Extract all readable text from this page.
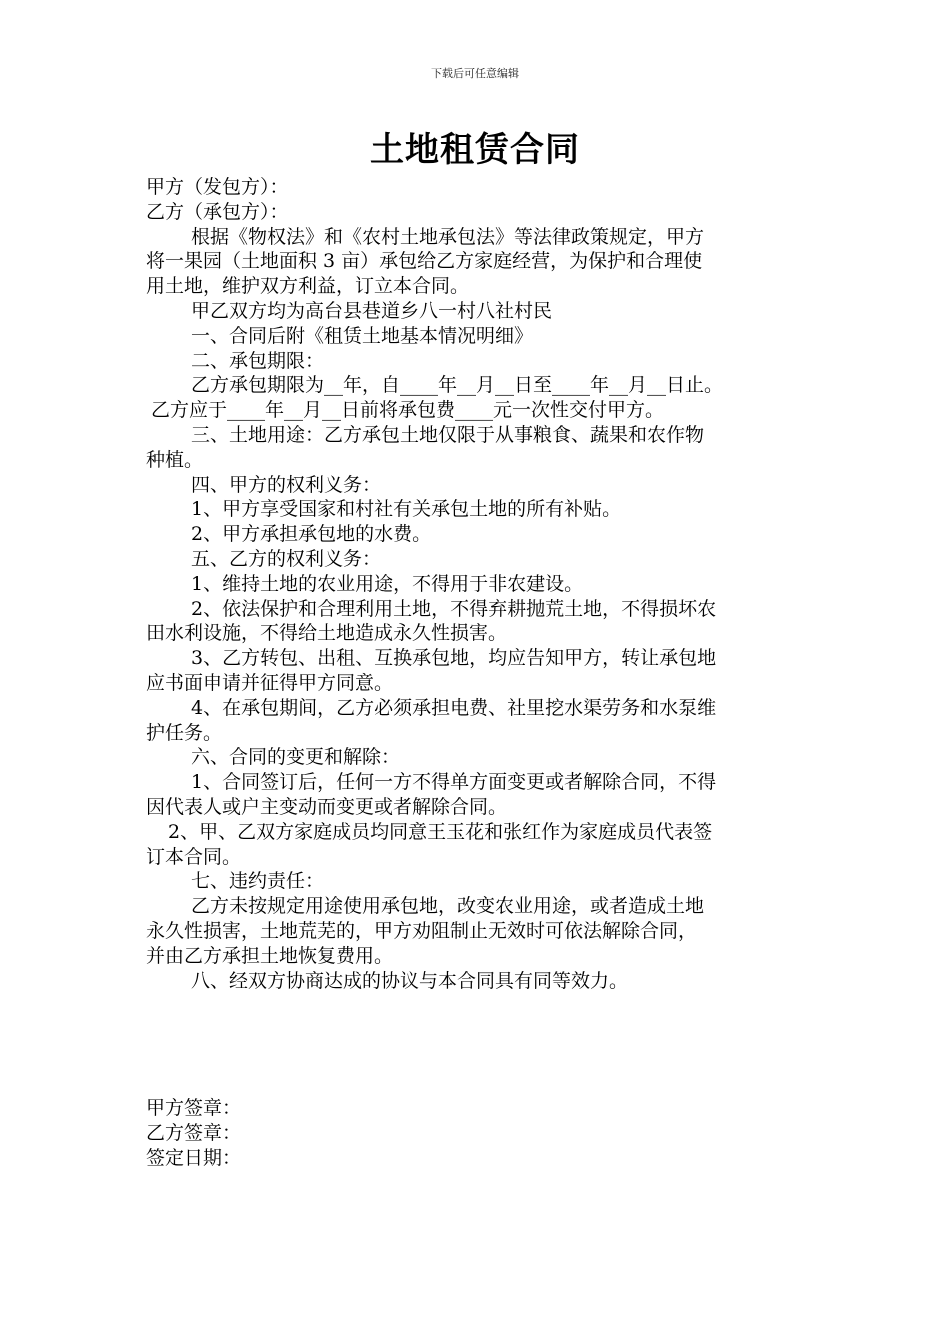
下载后可任意编辑
土地租赁合同

甲方（发包方）：

乙方（承包方）：

根据《物权法》和《农村土地承包法》等法律政策规定，甲方

将一果园（土地面积 3 亩）承包给乙方家庭经营，为保护和合理使

用土地，维护双方利益，订立本合同。

甲乙双方均为高台县巷道乡八一村八社村民

一、合同后附《租赁土地基本情况明细》

二、承包期限：

乙方承包期限为__年，自____年__月__日至____年__月__日止。

乙方应于____年__月__日前将承包费____元一次性交付甲方。

三、土地用途：乙方承包土地仅限于从事粮食、蔬果和农作物

种植。

四、甲方的权利义务：

1、甲方享受国家和村社有关承包土地的所有补贴。

2、甲方承担承包地的水费。

五、乙方的权利义务：

1、维持土地的农业用途，不得用于非农建设。

2、依法保护和合理利用土地，不得弃耕抛荒土地，不得损坏农

田水利设施，不得给土地造成永久性损害。

3、乙方转包、出租、互换承包地，均应告知甲方，转让承包地

应书面申请并征得甲方同意。

4、在承包期间，乙方必须承担电费、社里挖水渠劳务和水泵维

护任务。

六、合同的变更和解除：

1、合同签订后，任何一方不得单方面变更或者解除合同，不得

因代表人或户主变动而变更或者解除合同。

2、甲、乙双方家庭成员均同意王玉花和张红作为家庭成员代表签

订本合同。

七、违约责任：

乙方未按规定用途使用承包地，改变农业用途，或者造成土地

永久性损害，土地荒芜的，甲方劝阻制止无效时可依法解除合同，

并由乙方承担土地恢复费用。

八、经双方协商达成的协议与本合同具有同等效力。

甲方签章：

乙方签章：

签定日期：
